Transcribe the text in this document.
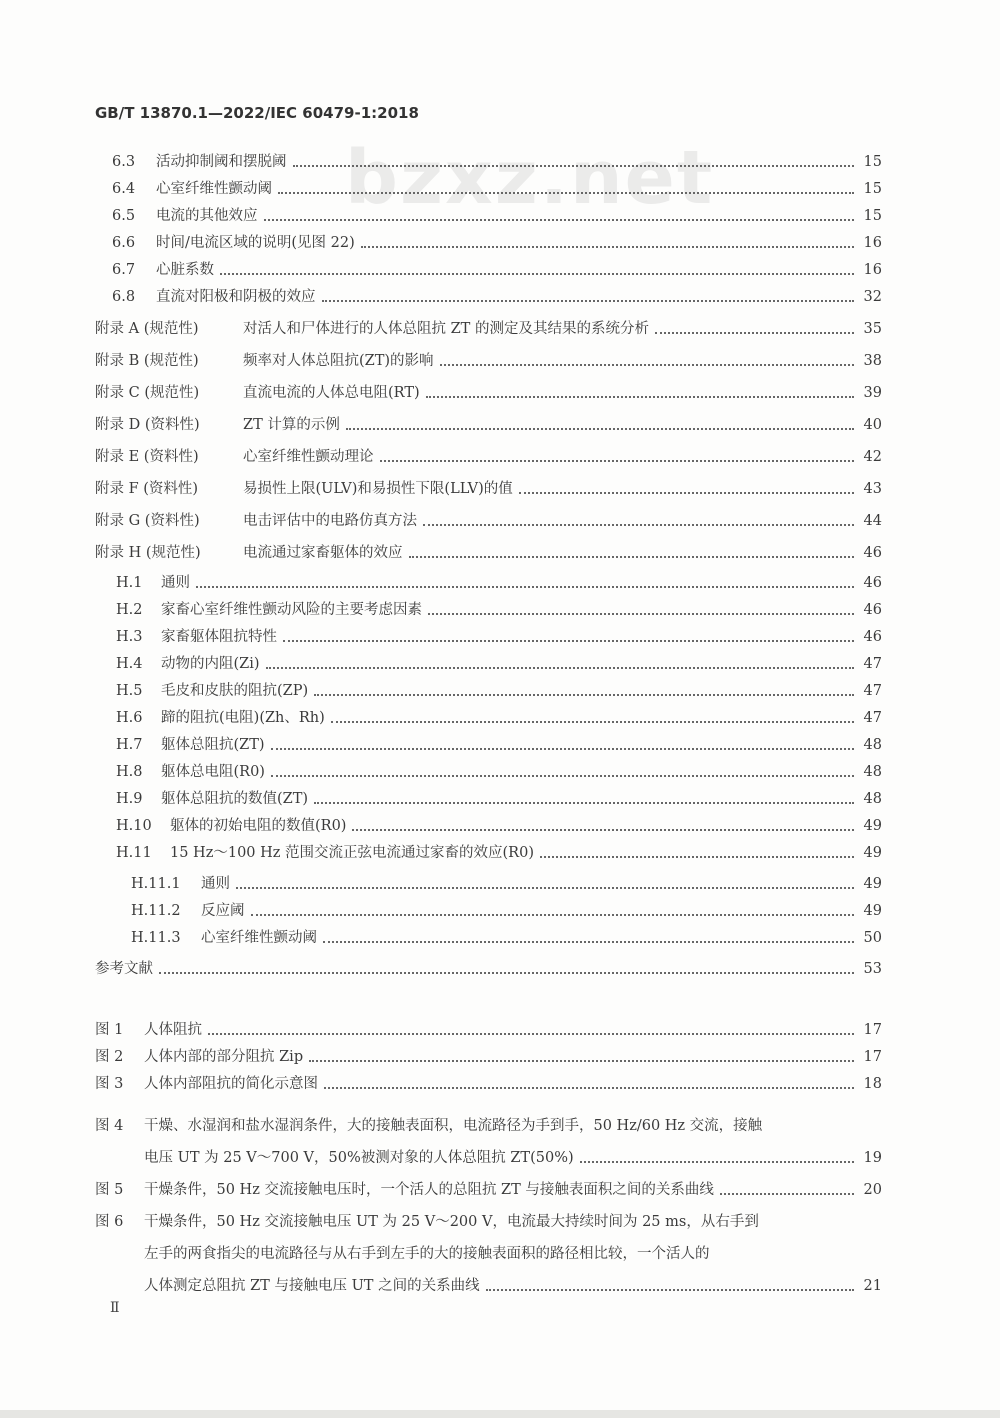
bzxz.net
GB/T 13870.1—2022/IEC 60479-1:2018
6.3	活动抑制阈和摆脱阈	15
6.4	心室纤维性颤动阈	15
6.5	电流的其他效应	15
6.6	时间/电流区域的说明(见图 22)	16
6.7	心脏系数	16
6.8	直流对阳极和阴极的效应	32
附录 A (规范性)	对活人和尸体进行的人体总阻抗 ZT 的测定及其结果的系统分析	35
附录 B (规范性)	频率对人体总阻抗(ZT)的影响	38
附录 C (规范性)	直流电流的人体总电阻(RT)	39
附录 D (资料性)	ZT 计算的示例	40
附录 E (资料性)	心室纤维性颤动理论	42
附录 F (资料性)	易损性上限(ULV)和易损性下限(LLV)的值	43
附录 G (资料性)	电击评估中的电路仿真方法	44
附录 H (规范性)	电流通过家畜躯体的效应	46
H.1	通则	46
H.2	家畜心室纤维性颤动风险的主要考虑因素	46
H.3	家畜躯体阻抗特性	46
H.4	动物的内阻(Zi)	47
H.5	毛皮和皮肤的阻抗(ZP)	47
H.6	蹄的阻抗(电阻)(Zh、Rh)	47
H.7	躯体总阻抗(ZT)	48
H.8	躯体总电阻(R0)	48
H.9	躯体总阻抗的数值(ZT)	48
H.10	躯体的初始电阻的数值(R0)	49
H.11	15 Hz～100 Hz 范围交流正弦电流通过家畜的效应(R0)	49
H.11.1	通则	49
H.11.2	反应阈	49
H.11.3	心室纤维性颤动阈	50
参考文献	53
图 1	人体阻抗	17
图 2	人体内部的部分阻抗 Zip	17
图 3	人体内部阻抗的简化示意图	18
图 4	干燥、水湿润和盐水湿润条件，大的接触表面积，电流路径为手到手，50 Hz/60 Hz 交流，接触
电压 UT 为 25 V～700 V，50%被测对象的人体总阻抗 ZT(50%)	19
图 5	干燥条件，50 Hz 交流接触电压时，一个活人的总阻抗 ZT 与接触表面积之间的关系曲线	20
图 6	干燥条件，50 Hz 交流接触电压 UT 为 25 V～200 V，电流最大持续时间为 25 ms，从右手到
左手的两食指尖的电流路径与从右手到左手的大的接触表面积的路径相比较，一个活人的
人体测定总阻抗 ZT 与接触电压 UT 之间的关系曲线	21
Ⅱ
